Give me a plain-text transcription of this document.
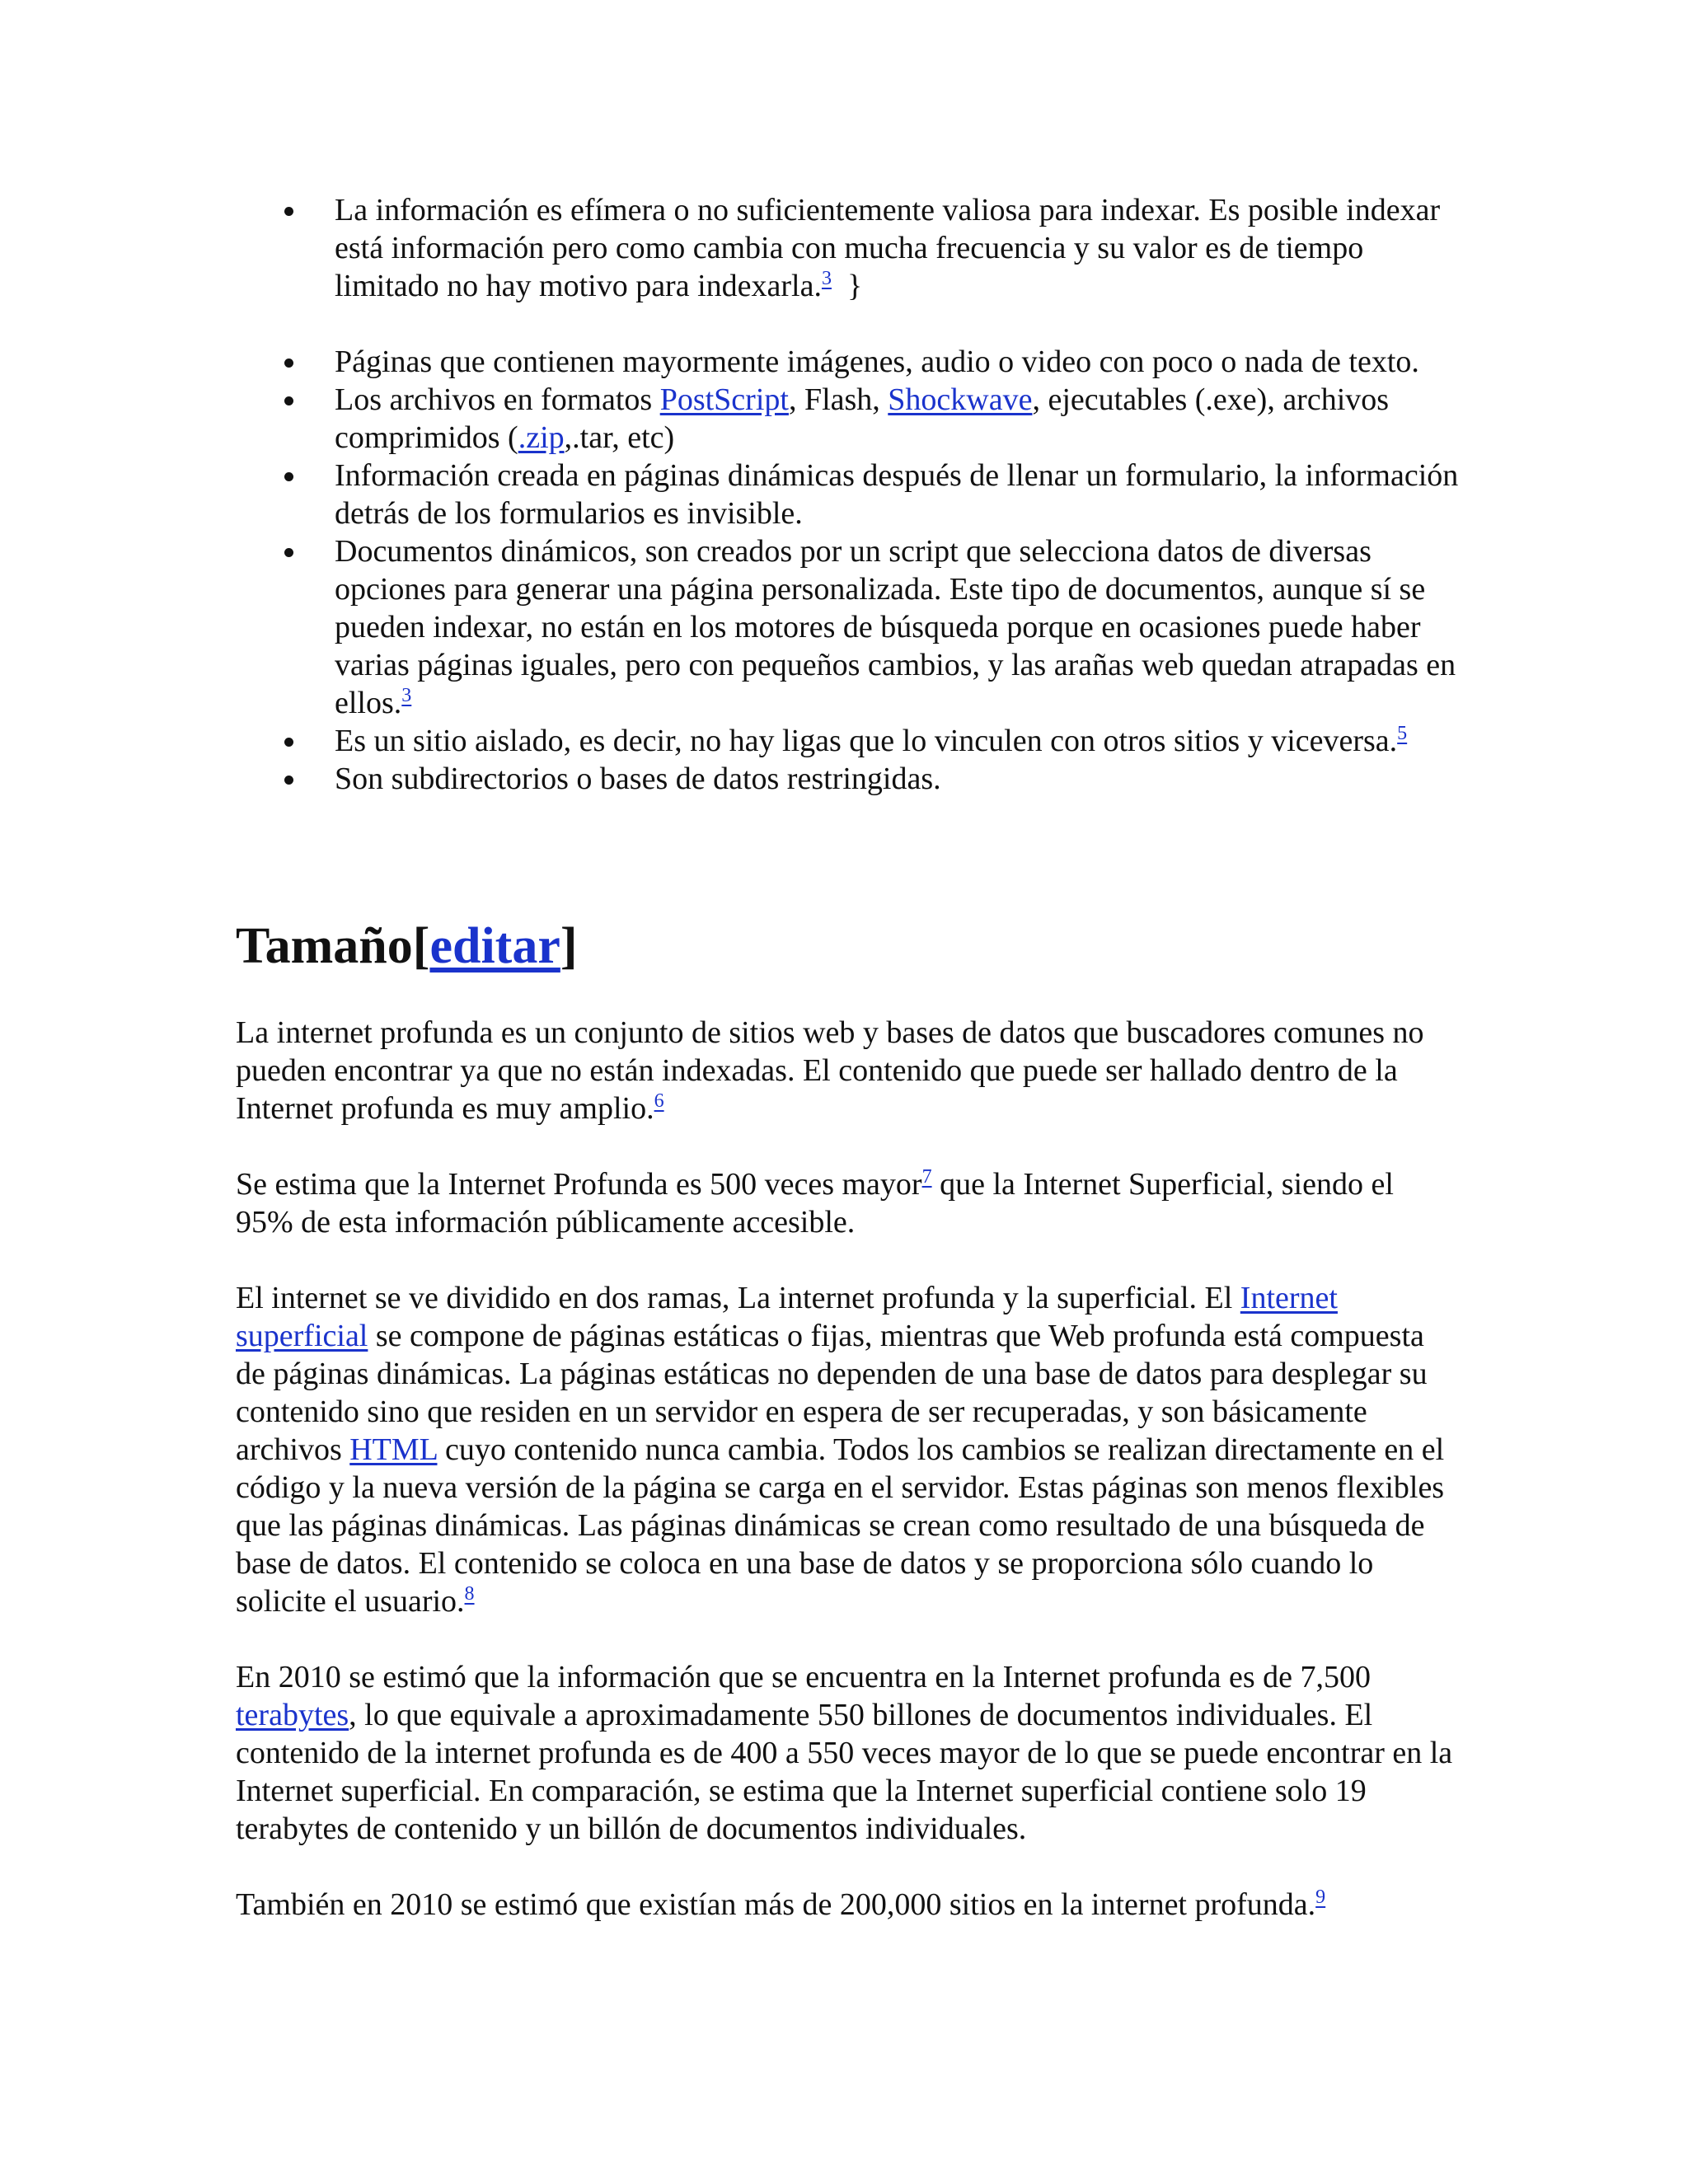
La información es efímera o no suficientemente valiosa para indexar. Es posible indexar está información pero como cambia con mucha frecuencia y su valor es de tiempo limitado no hay motivo para indexarla.$^3$  }
Páginas que contienen mayormente imágenes, audio o video con poco o nada de texto.
Los archivos en formatos PostScript, Flash, Shockwave, ejecutables (.exe), archivos comprimidos (.zip,.tar, etc)
Información creada en páginas dinámicas después de llenar un formulario, la información detrás de los formularios es invisible.
Documentos dinámicos, son creados por un script que selecciona datos de diversas opciones para generar una página personalizada. Este tipo de documentos, aunque sí se pueden indexar, no están en los motores de búsqueda porque en ocasiones puede haber varias páginas iguales, pero con pequeños cambios, y las arañas web quedan atrapadas en ellos.$^3$
Es un sitio aislado, es decir, no hay ligas que lo vinculen con otros sitios y viceversa.$^5$
Son subdirectorios o bases de datos restringidas.
Tamaño[editar]

La internet profunda es un conjunto de sitios web y bases de datos que buscadores comunes no pueden encontrar ya que no están indexadas. El contenido que puede ser hallado dentro de la Internet profunda es muy amplio.$^6$

Se estima que la Internet Profunda es 500 veces mayor$^7$ que la Internet Superficial, siendo el 95% de esta información públicamente accesible.

El internet se ve dividido en dos ramas, La internet profunda y la superficial. El Internet superficial se compone de páginas estáticas o fijas, mientras que Web profunda está compuesta de páginas dinámicas. La páginas estáticas no dependen de una base de datos para desplegar su contenido sino que residen en un servidor en espera de ser recuperadas, y son básicamente archivos HTML cuyo contenido nunca cambia. Todos los cambios se realizan directamente en el código y la nueva versión de la página se carga en el servidor. Estas páginas son menos flexibles que las páginas dinámicas. Las páginas dinámicas se crean como resultado de una búsqueda de base de datos. El contenido se coloca en una base de datos y se proporciona sólo cuando lo solicite el usuario.$^8$

En 2010 se estimó que la información que se encuentra en la Internet profunda es de 7,500 terabytes, lo que equivale a aproximadamente 550 billones de documentos individuales. El contenido de la internet profunda es de 400 a 550 veces mayor de lo que se puede encontrar en la Internet superficial. En comparación, se estima que la Internet superficial contiene solo 19 terabytes de contenido y un billón de documentos individuales.

También en 2010 se estimó que existían más de 200,000 sitios en la internet profunda.$^9$
